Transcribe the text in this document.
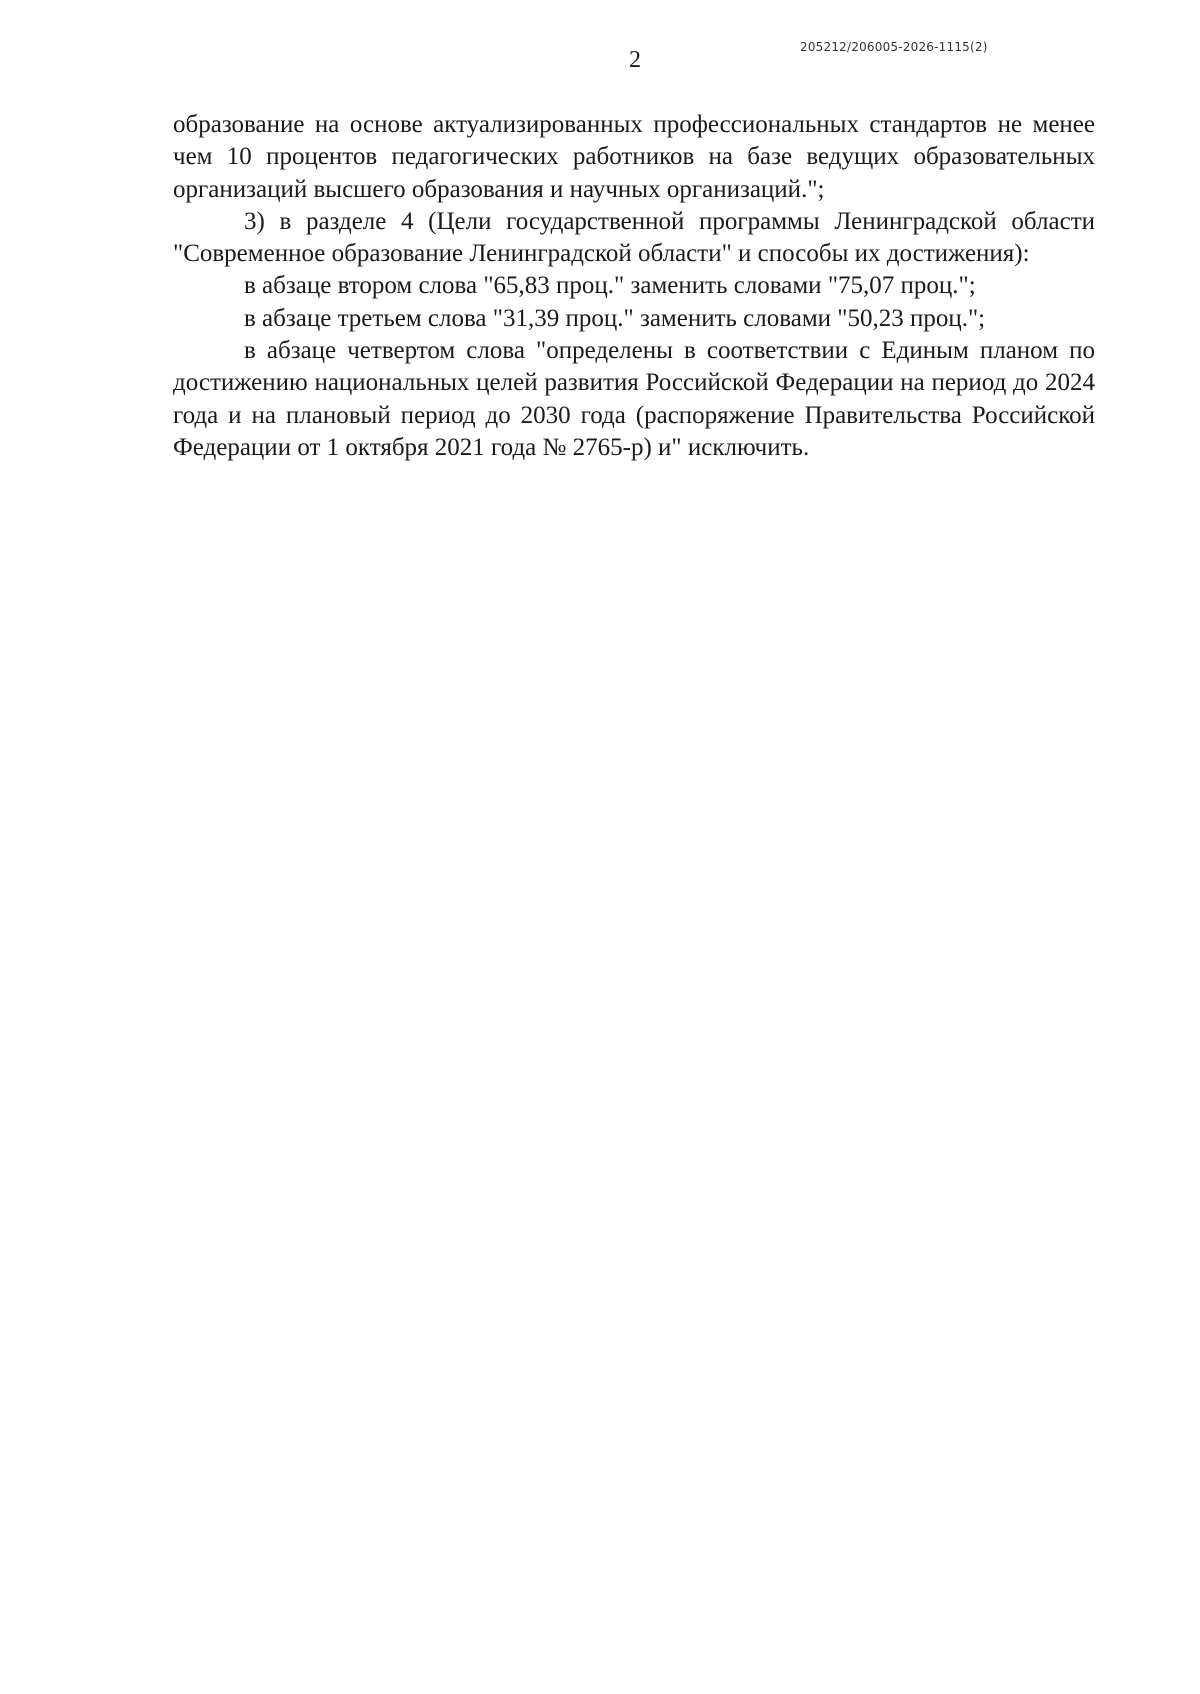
205212/206005-2026-1115(2)
2

образование на основе актуализированных профессиональных стандартов не менее чем 10 процентов педагогических работников на базе ведущих образовательных организаций высшего образования и научных организаций.";

3) в разделе 4 (Цели государственной программы Ленинградской области "Современное образование Ленинградской области" и способы их достижения):

в абзаце втором слова "65,83 проц." заменить словами "75,07 проц.";

в абзаце третьем слова "31,39 проц." заменить словами "50,23 проц.";

в абзаце четвертом слова "определены в соответствии с Единым планом по достижению национальных целей развития Российской Федерации на период до 2024 года и на плановый период до 2030 года (распоряжение Правительства Российской Федерации от 1 октября 2021 года № 2765-р) и" исключить.
